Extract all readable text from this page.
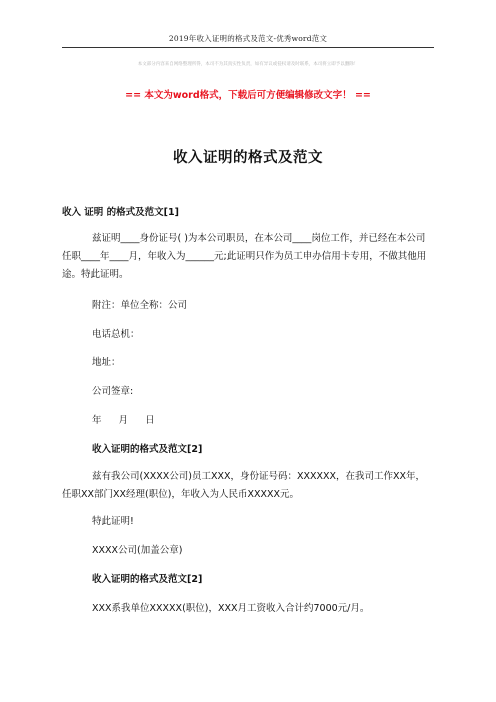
2019年收入证明的格式及范文-优秀word范文
本文部分内容来自网络整理所得，本司不为其真实性负责，如有异议或侵权请及时联系，本司将立即予以删除！
== 本文为word格式，下载后可方便编辑修改文字！ ==
收入证明的格式及范文
收入 证明 的格式及范文[1]
兹证明____身份证号( )为本公司职员，在本公司____岗位工作，并已经在本公司任职____年____月，年收入为______元;此证明只作为员工申办信用卡专用，不做其他用途。特此证明。
附注：单位全称：公司
电话总机：
地址：
公司签章:
年 月 日
收入证明的格式及范文[2]
兹有我公司(XXXX公司)员工XXX，身份证号码：XXXXXX，在我司工作XX年，任职XX部门XX经理(职位)，年收入为人民币XXXXX元。
特此证明!
XXXX公司(加盖公章)
收入证明的格式及范文[2]
XXX系我单位XXXXX(职位)，XXX月工资收入合计约7000元/月。
